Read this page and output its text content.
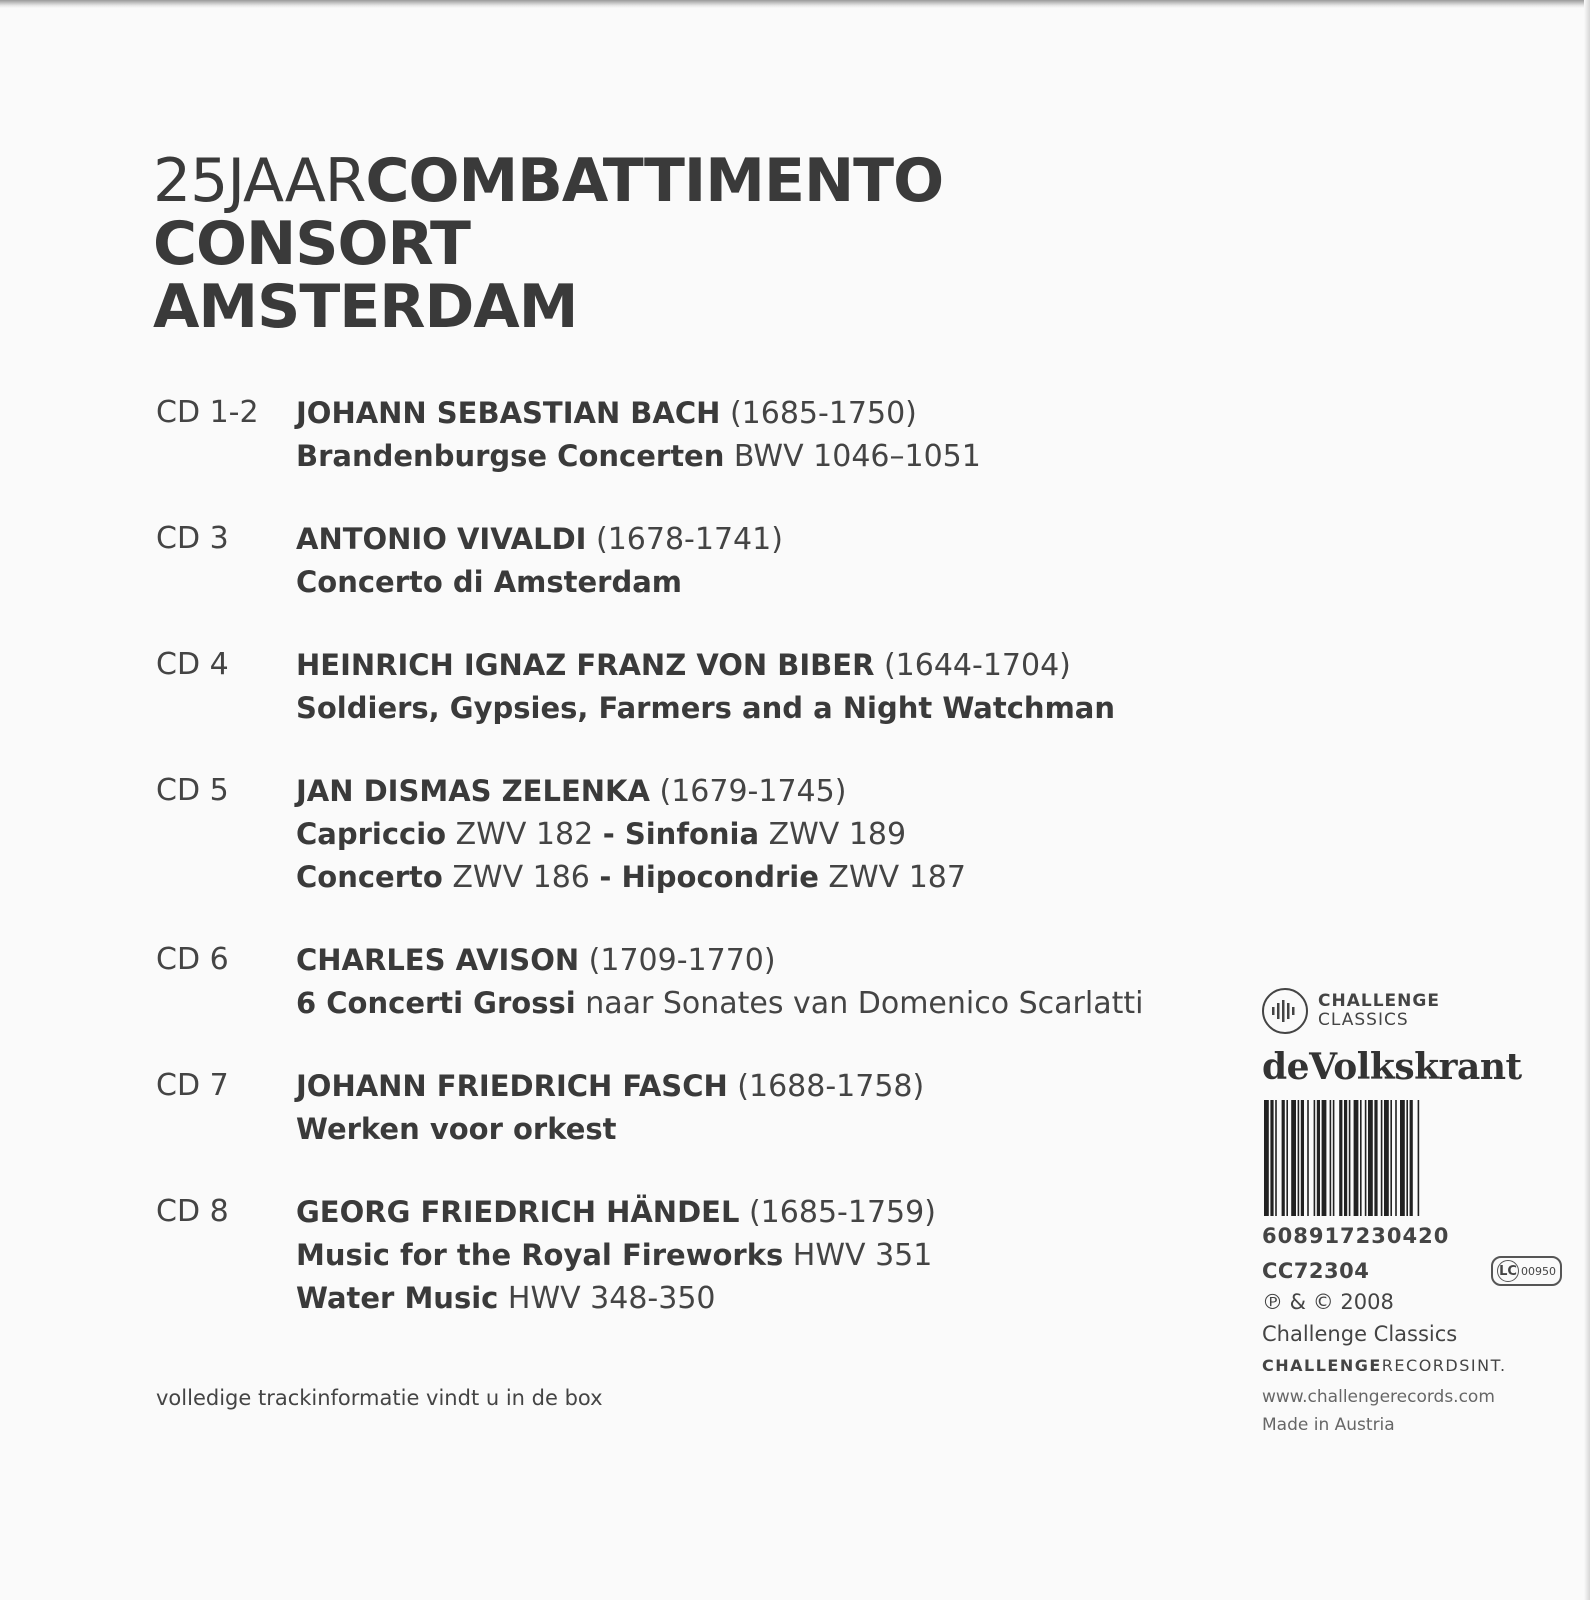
25JAARCOMBATTIMENTO
CONSORT
AMSTERDAM
CD 1-2 JOHANN SEBASTIAN BACH (1685-1750)
Brandenburgse Concerten BWV 1046–1051
CD 3 ANTONIO VIVALDI (1678-1741)
Concerto di Amsterdam
CD 4 HEINRICH IGNAZ FRANZ VON BIBER (1644-1704)
Soldiers, Gypsies, Farmers and a Night Watchman
CD 5 JAN DISMAS ZELENKA (1679-1745)
Capriccio ZWV 182 - Sinfonia ZWV 189
Concerto ZWV 186 - Hipocondrie ZWV 187
CD 6 CHARLES AVISON (1709-1770)
6 Concerti Grossi naar Sonates van Domenico Scarlatti
CD 7 JOHANN FRIEDRICH FASCH (1688-1758)
Werken voor orkest
CD 8 GEORG FRIEDRICH HÄNDEL (1685-1759)
Music for the Royal Fireworks HWV 351
Water Music HWV 348-350
volledige trackinformatie vindt u in de box
CHALLENGE
CLASSICS
deVolkskrant
608917230420
CC72304	LC 00950
℗ & © 2008
Challenge Classics
CHALLENGERECORDSINT.
www.challengerecords.com
Made in Austria
